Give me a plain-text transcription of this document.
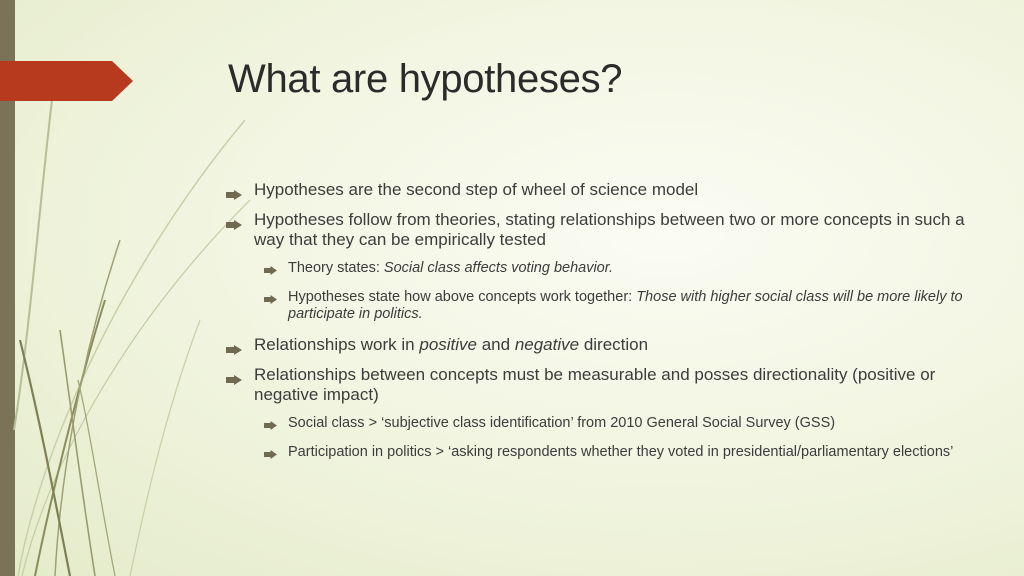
What are hypotheses?
Hypotheses are the second step of wheel of science model
Hypotheses follow from theories, stating relationships between two or more concepts in such a way that they can be empirically tested
Theory states: Social class affects voting behavior.
Hypotheses state how above concepts work together: Those with higher social class will be more likely to participate in politics.
Relationships work in positive and negative direction
Relationships between concepts must be measurable and posses directionality (positive or negative impact)
Social class > ‘subjective class identification’ from 2010 General Social Survey (GSS)
Participation in politics > ‘asking respondents whether they voted in presidential/parliamentary elections’
